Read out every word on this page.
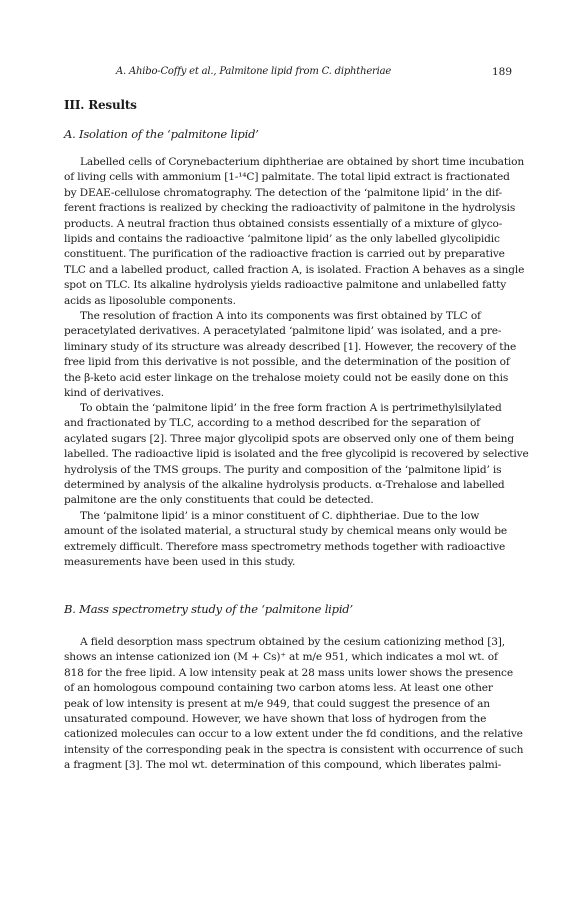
A. Ahibo-Coffy et al., Palmitone lipid from C. diphtheriae	189
III. Results
A. Isolation of the ‘palmitone lipid’
Labelled cells of Corynebacterium diphtheriae are obtained by short time incubation
of living cells with ammonium [1-¹⁴C] palmitate. The total lipid extract is fractionated
by DEAE-cellulose chromatography. The detection of the ‘palmitone lipid’ in the dif-
ferent fractions is realized by checking the radioactivity of palmitone in the hydrolysis
products. A neutral fraction thus obtained consists essentially of a mixture of glyco-
lipids and contains the radioactive ‘palmitone lipid’ as the only labelled glycolipidic
constituent. The purification of the radioactive fraction is carried out by preparative
TLC and a labelled product, called fraction A, is isolated. Fraction A behaves as a single
spot on TLC. Its alkaline hydrolysis yields radioactive palmitone and unlabelled fatty
acids as liposoluble components.
The resolution of fraction A into its components was first obtained by TLC of
peracetylated derivatives. A peracetylated ‘palmitone lipid’ was isolated, and a pre-
liminary study of its structure was already described [1]. However, the recovery of the
free lipid from this derivative is not possible, and the determination of the position of
the β-keto acid ester linkage on the trehalose moiety could not be easily done on this
kind of derivatives.
To obtain the ‘palmitone lipid’ in the free form fraction A is pertrimethylsilylated
and fractionated by TLC, according to a method described for the separation of
acylated sugars [2]. Three major glycolipid spots are observed only one of them being
labelled. The radioactive lipid is isolated and the free glycolipid is recovered by selective
hydrolysis of the TMS groups. The purity and composition of the ‘palmitone lipid’ is
determined by analysis of the alkaline hydrolysis products. α-Trehalose and labelled
palmitone are the only constituents that could be detected.
The ‘palmitone lipid’ is a minor constituent of C. diphtheriae. Due to the low
amount of the isolated material, a structural study by chemical means only would be
extremely difficult. Therefore mass spectrometry methods together with radioactive
measurements have been used in this study.
B. Mass spectrometry study of the ‘palmitone lipid’
A field desorption mass spectrum obtained by the cesium cationizing method [3],
shows an intense cationized ion (M + Cs)⁺ at m/e 951, which indicates a mol wt. of
818 for the free lipid. A low intensity peak at 28 mass units lower shows the presence
of an homologous compound containing two carbon atoms less. At least one other
peak of low intensity is present at m/e 949, that could suggest the presence of an
unsaturated compound. However, we have shown that loss of hydrogen from the
cationized molecules can occur to a low extent under the fd conditions, and the relative
intensity of the corresponding peak in the spectra is consistent with occurrence of such
a fragment [3]. The mol wt. determination of this compound, which liberates palmi-
